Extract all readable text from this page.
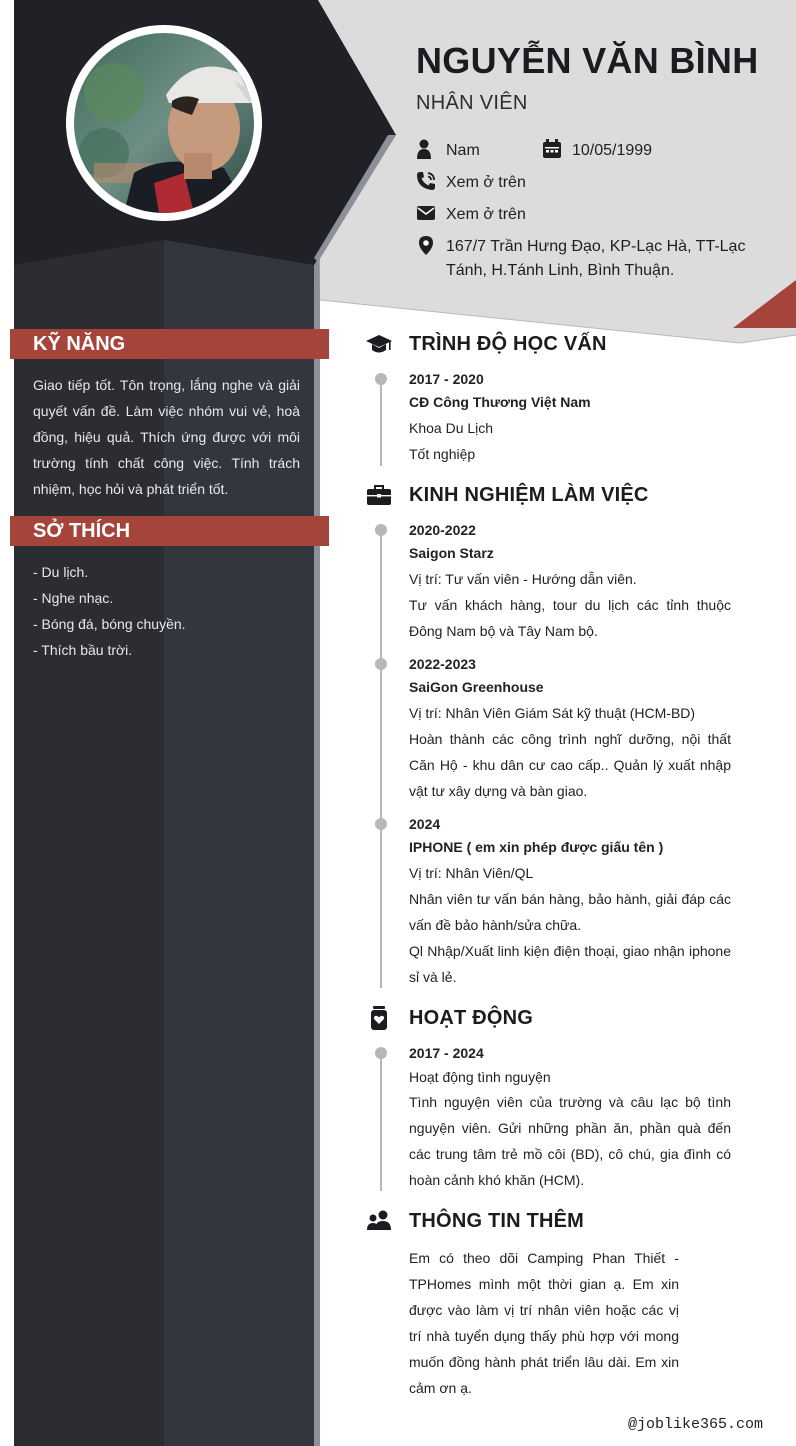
NGUYỄN VĂN BÌNH
NHÂN VIÊN
Nam	10/05/1999
Xem ở trên
Xem ở trên
167/7 Trần Hưng Đạo, KP-Lạc Hà, TT-Lạc Tánh, H.Tánh Linh, Bình Thuận.
KỸ NĂNG
Giao tiếp tốt. Tôn trọng, lắng nghe và giải quyết vấn đề. Làm việc nhóm vui vẻ, hoà đồng, hiệu quả. Thích ứng được với môi trường tính chất công việc. Tính trách nhiệm, học hỏi và phát triển tốt.
SỞ THÍCH
- Du lịch.
- Nghe nhạc.
- Bóng đá, bóng chuyền.
- Thích bầu trời.
TRÌNH ĐỘ HỌC VẤN
2017 - 2020
CĐ Công Thương Việt Nam
Khoa Du Lịch
Tốt nghiệp
KINH NGHIỆM LÀM VIỆC
2020-2022
Saigon Starz
Vị trí: Tư vấn viên - Hướng dẫn viên.
Tư vấn khách hàng, tour du lịch các tỉnh thuộc Đông Nam bộ và Tây Nam bộ.
2022-2023
SaiGon Greenhouse
Vị trí: Nhân Viên Giám Sát kỹ thuật (HCM-BD)
Hoàn thành các công trình nghĩ dưỡng, nội thất Căn Hộ - khu dân cư cao cấp.. Quản lý xuất nhập vật tư xây dựng và bàn giao.
2024
IPHONE ( em xin phép được giấu tên )
Vị trí: Nhân Viên/QL
Nhân viên tư vấn bán hàng, bảo hành, giải đáp các vấn đề bảo hành/sửa chữa.
Ql Nhập/Xuất linh kiện điện thoại, giao nhận iphone sỉ và lẻ.
HOẠT ĐỘNG
2017 - 2024
Hoạt động tình nguyện
Tình nguyện viên của trường và câu lạc bộ tình nguyện viên. Gửi những phần ăn, phần quà đến các trung tâm trẻ mồ côi (BD), cô chú, gia đình có hoàn cảnh khó khăn (HCM).
THÔNG TIN THÊM
Em có theo dõi Camping Phan Thiết - TPHomes mình một thời gian ạ. Em xin được vào làm vị trí nhân viên hoặc các vị trí nhà tuyển dụng thấy phù hợp với mong muốn đồng hành phát triển lâu dài. Em xin cảm ơn ạ.
@joblike365.com
